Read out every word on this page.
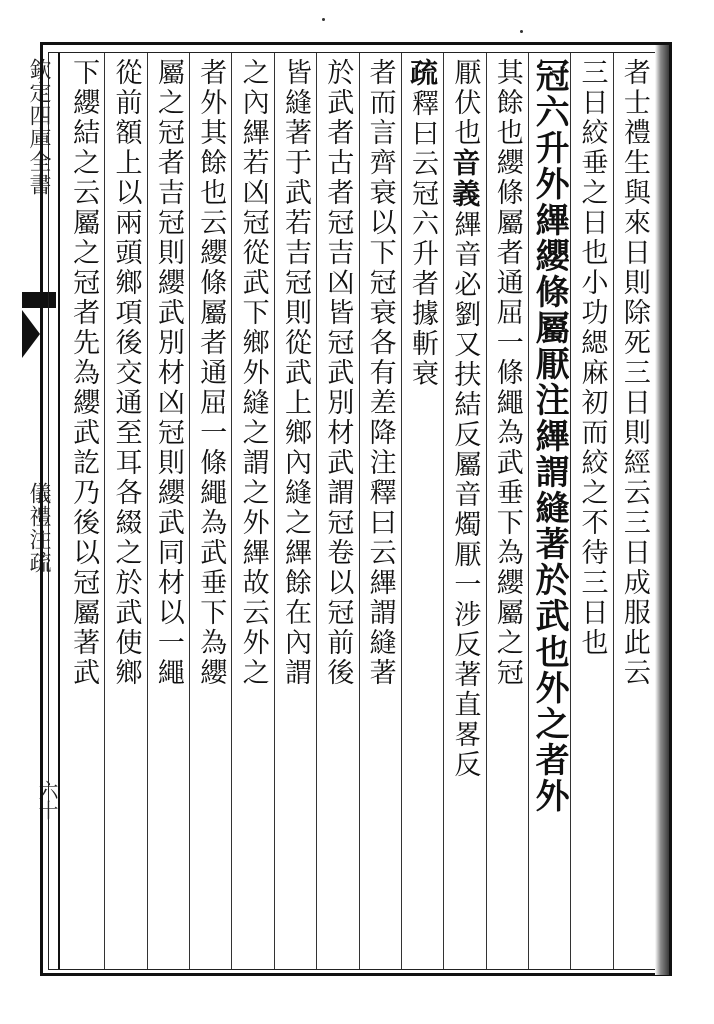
欽定四庫全書
儀禮注疏
六十
者士禮生與來日則除死三日則經云三日成服此云
三日絞垂之日也小功緦麻初而絞之不待三日也
冠六升外縪纓條屬厭注縪謂縫著於武也外之者外
其餘也纓條屬者通屈一條繩為武垂下為纓屬之冠
厭伏也音義縪音必劉又扶結反屬音燭厭一涉反著直畧反
疏釋曰云冠六升者據斬衰
者而言齊衰以下冠衰各有差降注釋曰云縪謂縫著
於武者古者冠吉凶皆冠武別材武謂冠卷以冠前後
皆縫著于武若吉冠則從武上鄉內縫之縪餘在內謂
之內縪若凶冠從武下鄉外縫之謂之外縪故云外之
者外其餘也云纓條屬者通屈一條繩為武垂下為纓
屬之冠者吉冠則纓武別材凶冠則纓武同材以一繩
從前額上以兩頭鄉項後交通至耳各綴之於武使鄉
下纓結之云屬之冠者先為纓武訖乃後以冠屬著武
